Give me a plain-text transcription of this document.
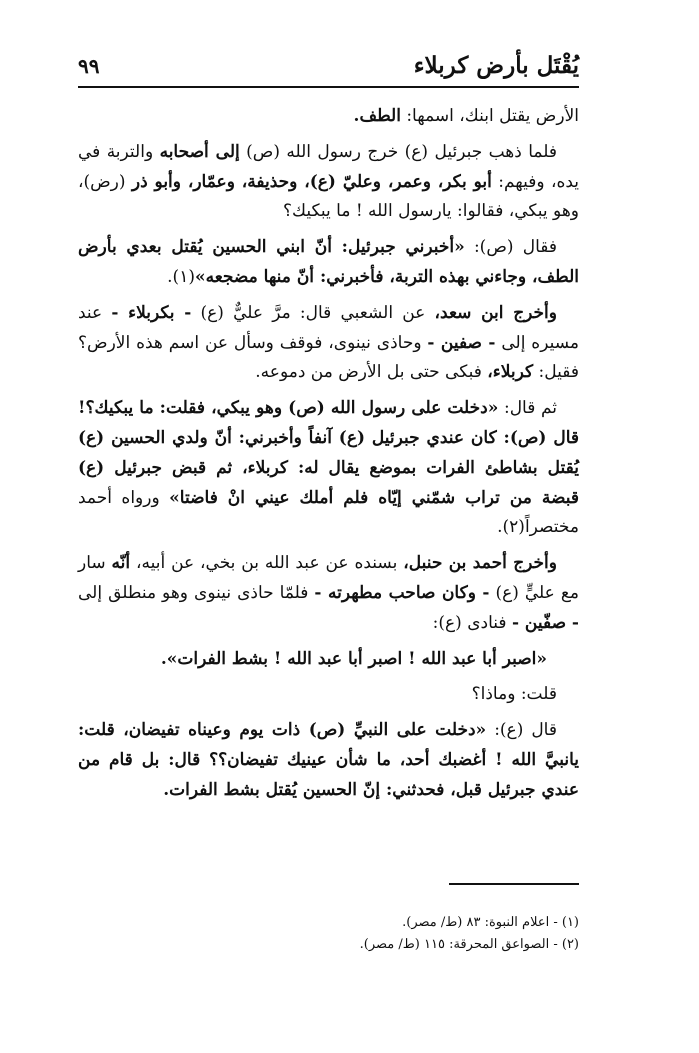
يُقْتَل بأرض كربلاء
٩٩

الأرض يقتل ابنك، اسمها: الطف.

فلما ذهب جبرئيل (ع) خرج رسول الله (ص) إلى أصحابه والتربة في يده، وفيهم: أبو بكر، وعمر، وعليّ (ع)، وحذيفة، وعمّار، وأبو ذر (رض)، وهو يبكي، فقالوا: يارسول الله ! ما يبكيك؟

فقال (ص): «أخبرني جبرئيل: أنّ ابني الحسين يُقتل بعدي بأرض الطف، وجاءني بهذه التربة، فأخبرني: أنّ منها مضجعه»(١).

وأخرج ابن سعد، عن الشعبي قال: مرَّ عليٌّ (ع) - بكربلاء - عند مسيره إلى - صفين - وحاذى نينوى، فوقف وسأل عن اسم هذه الأرض؟ فقيل: كربلاء، فبكى حتى بل الأرض من دموعه.

ثم قال: «دخلت على رسول الله (ص) وهو يبكي، فقلت: ما يبكيك؟! قال (ص): كان عندي جبرئيل (ع) آنفاً وأخبرني: أنّ ولدي الحسين (ع) يُقتل بشاطئ الفرات بموضع يقال له: كربلاء، ثم قبض جبرئيل (ع) قبضة من تراب شمّني إيّاه فلم أملك عيني انْ فاضتا» ورواه أحمد مختصراً(٢).

وأخرج أحمد بن حنبل، بسنده عن عبد الله بن بخي، عن أبيه، أنّه سار مع عليٍّ (ع) - وكان صاحب مطهرته - فلمّا حاذى نينوى وهو منطلق إلى - صفّين - فنادى (ع):

«اصبر أبا عبد الله ! اصبر أبا عبد الله ! بشط الفرات».

قلت: وماذا؟

قال (ع): «دخلت على النبيِّ (ص) ذات يوم وعيناه تفيضان، قلت: يانبيَّ الله ! أغضبك أحد، ما شأن عينيك تفيضان؟؟ قال: بل قام من عندي جبرئيل قبل، فحدثني: إنّ الحسين يُقتل بشط الفرات.

(١) - اعلام النبوة: ٨٣ (ط/ مصر).
(٢) - الصواعق المحرقة: ١١٥ (ط/ مصر).
